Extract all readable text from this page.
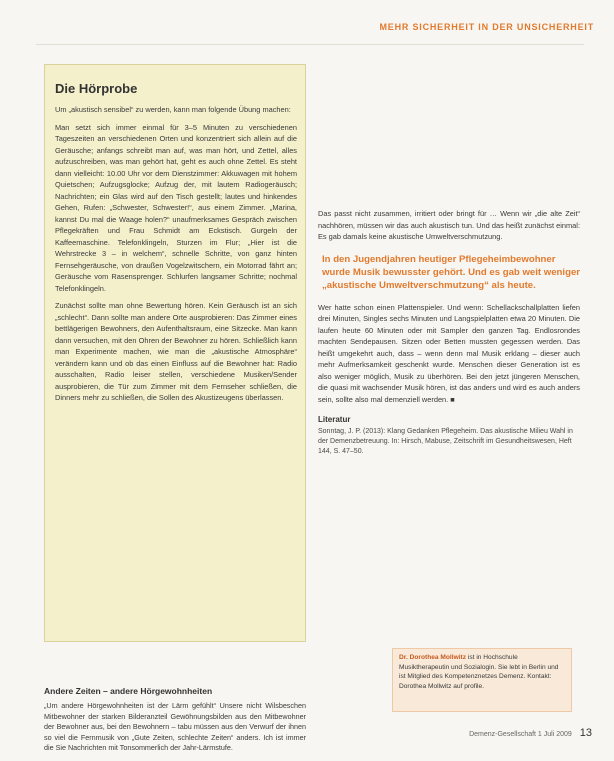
MEHR SICHERHEIT IN DER UNSICHERHEIT
Die Hörprobe

Um „akustisch sensibel“ zu werden, kann man folgende Übung machen:

Man setzt sich immer einmal für 3–5 Minuten zu verschiedenen Tageszeiten an verschiedenen Orten und konzentriert sich allein auf die Geräusche; anfangs schreibt man auf, was man hört, und Zettel, alles aufzuschreiben, was man gehört hat, geht es auch ohne Zettel. Es steht dann vielleicht: 10.00 Uhr vor dem Dienstzimmer: Akkuwagen mit hohem Quietschen; Aufzugsglocke; Aufzug der, mit lautem Radiogeräusch; Nachrichten; ein Glas wird auf den Tisch gestellt; lautes und hinkendes Gehen, Rufen: „Schwester, Schwester!“, aus einem Zimmer. „Marina, kannst Du mal die Waage holen?“ unaufmerksames Gespräch zwischen Pflegekräften und Frau Schmidt am Eckstisch. Gurgeln der Kaffeemaschine. Telefonklingeln, Sturzen im Flur; „Hier ist die Wehrstrecke 3 – in welchem“, schnelle Schritte, von ganz hinten Fernsehgeräusche, von draußen Vogelzwitschern, ein Motorrad fährt an; Geräusche vom Rasensprenger. Schlurfen langsamer Schritte; nochmal Telefonklingeln.

Zunächst sollte man ohne Bewertung hören. Kein Geräusch ist an sich „schlecht“. Dann sollte man andere Orte ausprobieren: Das Zimmer eines bettlägerigen Bewohners, den Aufenthaltsraum, eine Sitzecke. Man kann dann versuchen, mit den Ohren der Bewohner zu hören. Schließlich kann man Experimente machen, wie man die „akustische Atmosphäre“ verändern kann und ob das einen Einfluss auf die Bewohner hat: Radio ausschalten, Radio leiser stellen, verschiedene Musiken/Sender ausprobieren, die Tür zum Zimmer mit dem Fernseher schließen, die Dinners mehr zu schließen, die Sollen des Akustizeugens überlassen.

Andere Zeiten – andere Hörgewohnheiten

„Um andere Hörgewohnheiten ist der Lärm gefühlt“ Unsere nicht Wilsbeschen Mitbewohner der starken Bilderanzteil Gewöhnungsbilden aus den Mitbewohner der Bewohner aus, bei den Bewohnern – tabu müssen aus den Verwurf der ihnen so viel die Fernmusik von „Gute Zeiten, schlechte Zeiten“ anders. Ich ist immer die Sie Nachrichten mit Tonsommerlich der Jahr-Lärmstufe.

Das passt nicht zusammen, irritiert oder bringt für … Wenn wir „die alte Zeit“ nachhören, müssen wir das auch akustisch tun. Und das heißt zunächst einmal: Es gab damals keine akustische Umweltverschmutzung.

In den Jugendjahren heutiger Pflegeheimbewohner wurde Musik bewusster gehört. Und es gab weit weniger „akustische Umweltverschmutzung“ als heute.

Wer hatte schon einen Plattenspieler. Und wenn: Schellackschallplatten liefen drei Minuten, Singles sechs Minuten und Langspielplatten etwa 20 Minuten. Die laufen heute 60 Minuten oder mit Sampler den ganzen Tag. Endlosrondes machten Sendepausen. Sitzen oder Betten mussten gegessen werden. Das heißt umgekehrt auch, dass – wenn denn mal Musik erklang – dieser auch mehr Aufmerksamkeit geschenkt wurde. Menschen dieser Generation ist es also weniger möglich, Musik zu überhören. Bei den jetzt jüngeren Menschen, die quasi mit wachsender Musik hören, ist das anders und wird es auch anders sein, sollte also mal demenziell werden. ■

Literatur
Sonntag, J. P. (2013): Klang Gedanken Pflegeheim. Das akustische Milieu Wahl in der Demenzbetreuung. In: Hirsch, Mabuse, Zeitschrift im Gesundheitswesen, Heft 144, S. 47–50.
Dr. Dorothea Mollwitz ist in Hochschule Musiktherapeutin und Sozialogin. Sie lebt in Berlin und ist Mitglied des Kompetenznetzes Demenz. Kontakt: Dorothea Mollwitz auf profile.
Demenz-Gesellschaft 1 Juli 2009 13
